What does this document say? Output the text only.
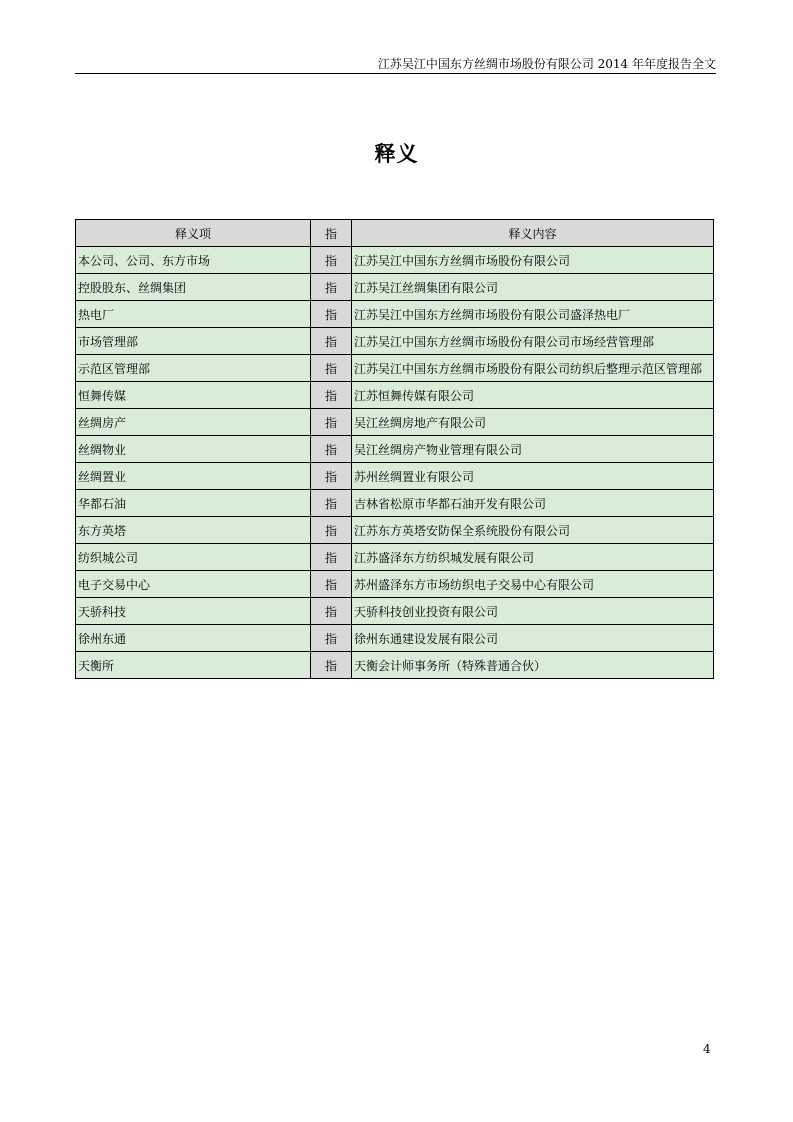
江苏吴江中国东方丝绸市场股份有限公司 2014 年年度报告全文
释义
释义项	指	释义内容
本公司、公司、东方市场	指	江苏吴江中国东方丝绸市场股份有限公司
控股股东、丝绸集团	指	江苏吴江丝绸集团有限公司
热电厂	指	江苏吴江中国东方丝绸市场股份有限公司盛泽热电厂
市场管理部	指	江苏吴江中国东方丝绸市场股份有限公司市场经营管理部
示范区管理部	指	江苏吴江中国东方丝绸市场股份有限公司纺织后整理示范区管理部
恒舞传媒	指	江苏恒舞传媒有限公司
丝绸房产	指	吴江丝绸房地产有限公司
丝绸物业	指	吴江丝绸房产物业管理有限公司
丝绸置业	指	苏州丝绸置业有限公司
华都石油	指	吉林省松原市华都石油开发有限公司
东方英塔	指	江苏东方英塔安防保全系统股份有限公司
纺织城公司	指	江苏盛泽东方纺织城发展有限公司
电子交易中心	指	苏州盛泽东方市场纺织电子交易中心有限公司
天骄科技	指	天骄科技创业投资有限公司
徐州东通	指	徐州东通建设发展有限公司
天衡所	指	天衡会计师事务所（特殊普通合伙）
4
